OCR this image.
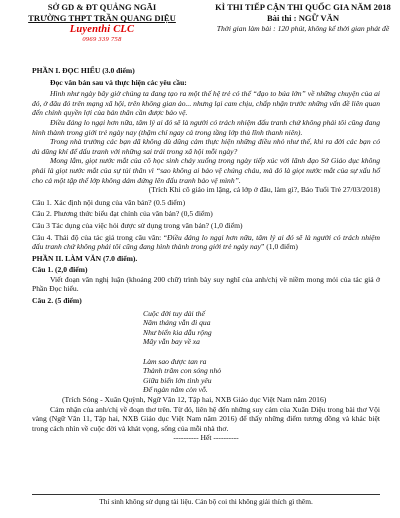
SỞ GD & ĐT QUẢNG NGÃI
TRƯỜNG THPT TRẦN QUANG DIỆU
Luyenthi CLC
0969 339 758
KÌ THI TIẾP CẬN THI QUỐC GIA NĂM 2018
Bài thi : NGỮ VĂN
Thời gian làm bài : 120 phút, không kể thời gian phát đề

PHẦN I. ĐỌC HIỂU (3.0 điểm)

Đọc văn bản sau và thực hiện các yêu cầu:

Hình như ngày bây giờ chúng ta đang tạo ra một thế hệ trẻ có thể “đạo to búa lớn” về những chuyện của ai đó, ở đâu đó trên mạng xã hội, trên không gian ảo... nhưng lại cam chịu, chấp nhận trước những vấn đề liên quan đến chính quyền lợi của bản thân cần được bảo vệ.

Điều đáng lo ngại hơn nữa, tâm lý ai đó sẽ là người có trách nhiệm đấu tranh chứ không phải tôi cũng đang hình thành trong giới trẻ ngày nay (thậm chí ngay cả trong tầng lớp thủ lĩnh thanh niên).

Trong nhà trường các bạn dã không dù dũng cảm thực hiện những điều nhỏ như thế, khi ra đời các bạn có dủ dũng khí để dấu tranh với những sai trái trong xã hội mỗi ngày?

Mong lắm, giọt nước mắt của cô học sinh cháy xuống trong ngày tiếp xúc với lãnh đạo Sở Giáo dục không phải là giọt nước mắt của sự tủi thân vì “sao không ai bảo vệ chúng cháu, mà đó là giọt nước mắt của sự xấu hổ cho cả một tập thể lớp không dám đứng lên đấu tranh bảo vệ mình”.

(Trích Khi cô giáo im lặng, cả lớp ở đâu, làm gì?, Báo Tuổi Trẻ 27/03/2018)

Câu 1. Xác định nội dung của văn bản? (0.5 điểm)

Câu 2. Phương thức biểu đạt chính của văn bản? (0,5 điểm)

Câu 3 Tác dụng của việc hỏi được sử dụng trong văn bản? (1,0 điểm)

Câu 4. Thái độ của tác giả trong câu văn: “Điều đáng lo ngại hơn nữa, tâm lý ai đó sẽ là người có trách nhiệm đấu tranh chứ không phải tôi cũng đang hình thành trong giới trẻ ngày nay” (1,0 điểm)

PHẦN II. LÀM VĂN (7.0 điểm).

Câu 1. (2,0 điểm)

Viết đoạn văn nghị luận (khoảng 200 chữ) trình bày suy nghĩ của anh/chị về niềm mong mỏi của tác giả ở Phần Đọc hiểu.

Câu 2. (5 điểm)

Cuộc đời tuy dài thế

Năm tháng vẫn đi qua

Như biển kia dẫu rộng

Mây vẫn bay về xa

Làm sao được tan ra

Thành trăm con sóng nhỏ

Giữa biển lớn tình yêu

Để ngàn năm còn vỗ.

(Trích Sóng - Xuân Quỳnh, Ngữ Văn 12, Tập hai, NXB Giáo dục Việt Nam năm 2016)

Cảm nhận của anh/chị về đoạn thơ trên. Từ đó, liên hệ đến những suy cảm của Xuân Diệu trong bài thơ Vội vàng (Ngữ Văn 11, Tập hai, NXB Giáo dục Việt Nam năm 2016) để thấy những điểm tương đồng và khác biệt trong cách nhìn về cuộc đời và khát vọng, sống của mỗi nhà thơ.

---------- Hết ----------

Thí sinh không sử dụng tài liệu. Cán bộ coi thi không giải thích gì thêm.
